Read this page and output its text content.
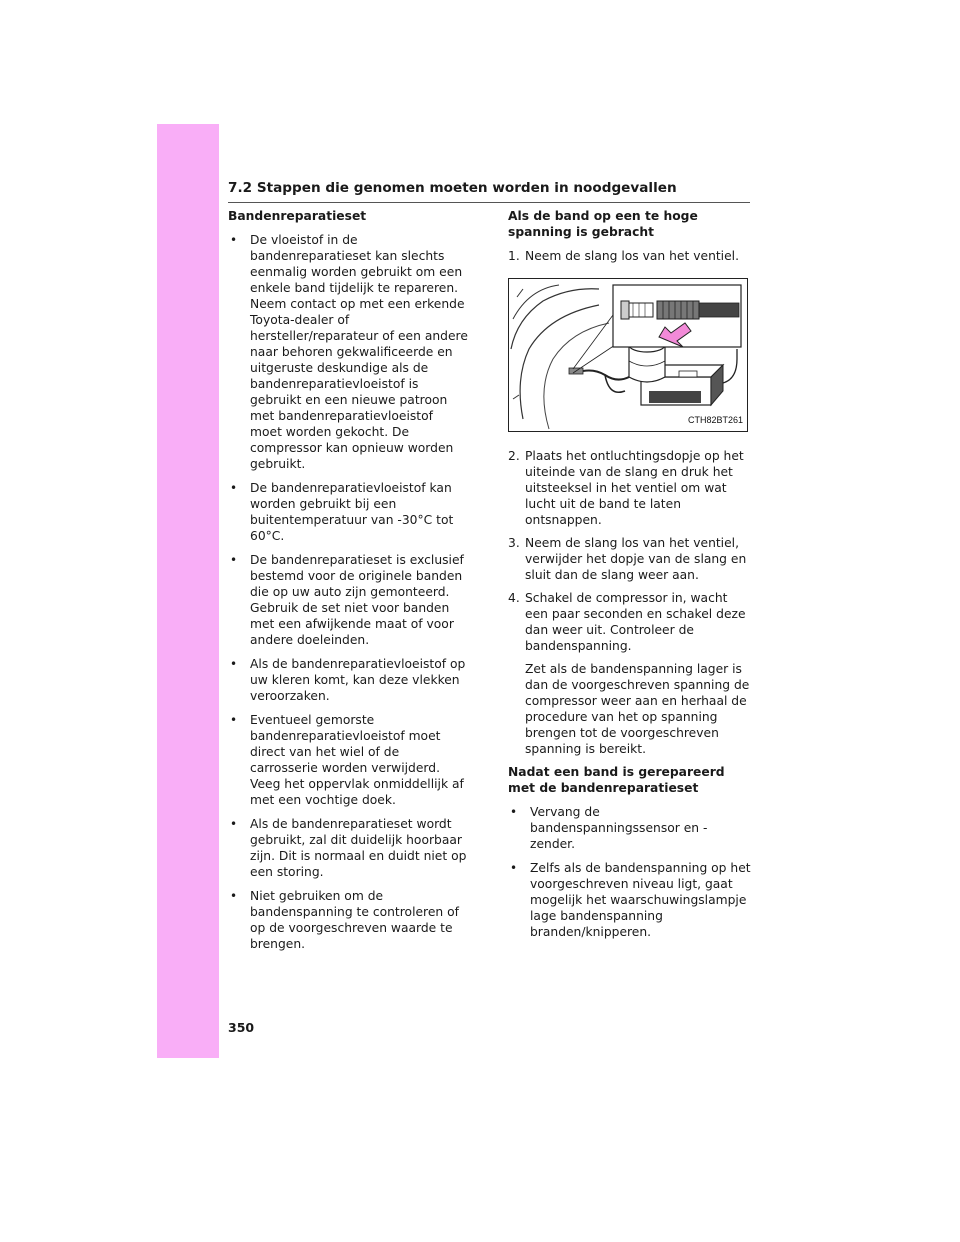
7.2 Stappen die genomen moeten worden in noodgevallen
Bandenreparatieset
• De vloeistof in de bandenreparatieset kan slechts eenmalig worden gebruikt om een enkele band tijdelijk te repareren. Neem contact op met een erkende Toyota-dealer of hersteller/reparateur of een andere naar behoren gekwalificeerde en uitgeruste deskundige als de bandenreparatievloeistof is gebruikt en een nieuwe patroon met bandenreparatievloeistof moet worden gekocht. De compressor kan opnieuw worden gebruikt.
• De bandenreparatievloeistof kan worden gebruikt bij een buitentemperatuur van -30°C tot 60°C.
• De bandenreparatieset is exclusief bestemd voor de originele banden die op uw auto zijn gemonteerd. Gebruik de set niet voor banden met een afwijkende maat of voor andere doeleinden.
• Als de bandenreparatievloeistof op uw kleren komt, kan deze vlekken veroorzaken.
• Eventueel gemorste bandenreparatievloeistof moet direct van het wiel of de carrosserie worden verwijderd. Veeg het oppervlak onmiddellijk af met een vochtige doek.
• Als de bandenreparatieset wordt gebruikt, zal dit duidelijk hoorbaar zijn. Dit is normaal en duidt niet op een storing.
• Niet gebruiken om de bandenspanning te controleren of op de voorgeschreven waarde te brengen.
Als de band op een te hoge spanning is gebracht
1. Neem de slang los van het ventiel.

CTH82BT261
2. Plaats het ontluchtingsdopje op het uiteinde van de slang en druk het uitsteeksel in het ventiel om wat lucht uit de band te laten ontsnappen.

3. Neem de slang los van het ventiel, verwijder het dopje van de slang en sluit dan de slang weer aan.

4. Schakel de compressor in, wacht een paar seconden en schakel deze dan weer uit. Controleer de bandenspanning.

Zet als de bandenspanning lager is dan de voorgeschreven spanning de compressor weer aan en herhaal de procedure van het op spanning brengen tot de voorgeschreven spanning is bereikt.

Nadat een band is gerepareerd met de bandenreparatieset
• Vervang de bandenspanningssensor en -zender.
• Zelfs als de bandenspanning op het voorgeschreven niveau ligt, gaat mogelijk het waarschuwingslampje lage bandenspanning branden/knipperen.
350
